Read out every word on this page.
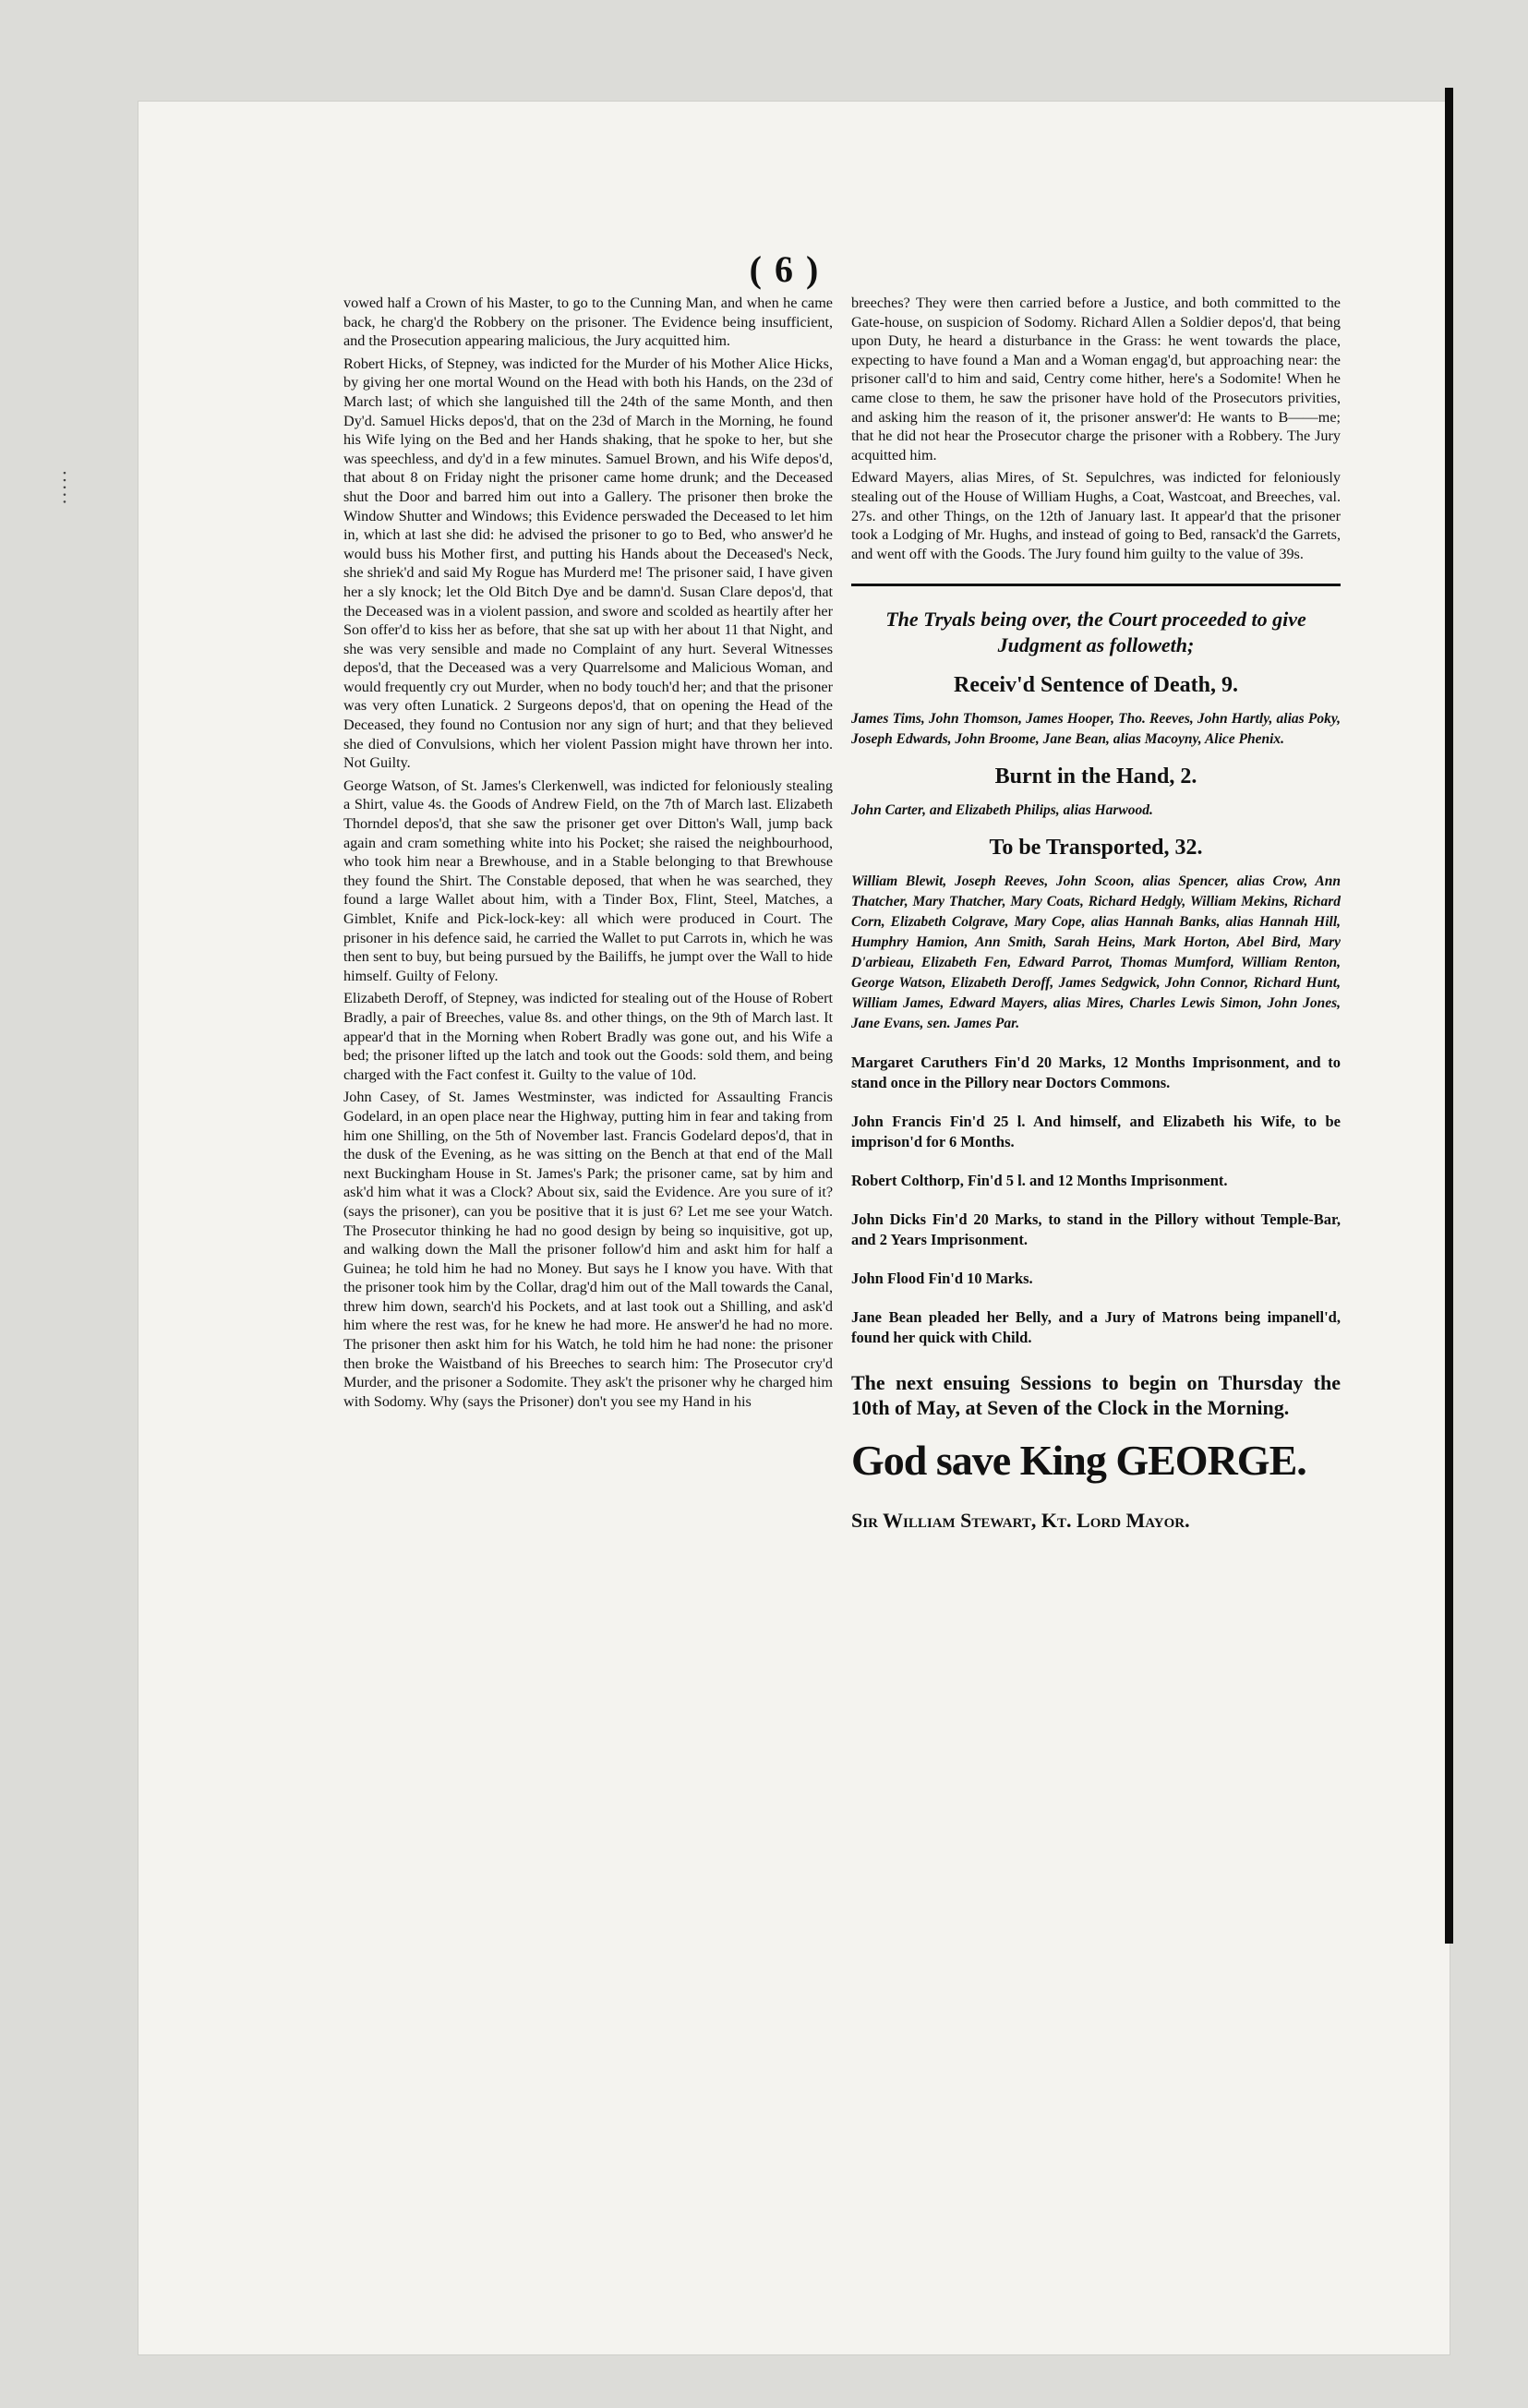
ꞏ ꞏ ꞏ ꞏ ꞏ
( 6 )

vowed half a Crown of his Master, to go to the Cunning Man, and when he came back, he charg'd the Robbery on the prisoner. The Evidence being insufficient, and the Prosecution appearing malicious, the Jury acquitted him.

Robert Hicks, of Stepney, was indicted for the Murder of his Mother Alice Hicks, by giving her one mortal Wound on the Head with both his Hands, on the 23d of March last; of which she languished till the 24th of the same Month, and then Dy'd. Samuel Hicks depos'd, that on the 23d of March in the Morning, he found his Wife lying on the Bed and her Hands shaking, that he spoke to her, but she was speechless, and dy'd in a few minutes. Samuel Brown, and his Wife depos'd, that about 8 on Friday night the prisoner came home drunk; and the Deceased shut the Door and barred him out into a Gallery. The prisoner then broke the Window Shutter and Windows; this Evidence perswaded the Deceased to let him in, which at last she did: he advised the prisoner to go to Bed, who answer'd he would buss his Mother first, and putting his Hands about the Deceased's Neck, she shriek'd and said My Rogue has Murderd me! The prisoner said, I have given her a sly knock; let the Old Bitch Dye and be damn'd. Susan Clare depos'd, that the Deceased was in a violent passion, and swore and scolded as heartily after her Son offer'd to kiss her as before, that she sat up with her about 11 that Night, and she was very sensible and made no Complaint of any hurt. Several Witnesses depos'd, that the Deceased was a very Quarrelsome and Malicious Woman, and would frequently cry out Murder, when no body touch'd her; and that the prisoner was very often Lunatick. 2 Surgeons depos'd, that on opening the Head of the Deceased, they found no Contusion nor any sign of hurt; and that they believed she died of Convulsions, which her violent Passion might have thrown her into. Not Guilty.

George Watson, of St. James's Clerkenwell, was indicted for feloniously stealing a Shirt, value 4s. the Goods of Andrew Field, on the 7th of March last. Elizabeth Thorndel depos'd, that she saw the prisoner get over Ditton's Wall, jump back again and cram something white into his Pocket; she raised the neighbourhood, who took him near a Brewhouse, and in a Stable belonging to that Brewhouse they found the Shirt. The Constable deposed, that when he was searched, they found a large Wallet about him, with a Tinder Box, Flint, Steel, Matches, a Gimblet, Knife and Pick-lock-key: all which were produced in Court. The prisoner in his defence said, he carried the Wallet to put Carrots in, which he was then sent to buy, but being pursued by the Bailiffs, he jumpt over the Wall to hide himself. Guilty of Felony.

Elizabeth Deroff, of Stepney, was indicted for stealing out of the House of Robert Bradly, a pair of Breeches, value 8s. and other things, on the 9th of March last. It appear'd that in the Morning when Robert Bradly was gone out, and his Wife a bed; the prisoner lifted up the latch and took out the Goods: sold them, and being charged with the Fact confest it. Guilty to the value of 10d.

John Casey, of St. James Westminster, was indicted for Assaulting Francis Godelard, in an open place near the Highway, putting him in fear and taking from him one Shilling, on the 5th of November last. Francis Godelard depos'd, that in the dusk of the Evening, as he was sitting on the Bench at that end of the Mall next Buckingham House in St. James's Park; the prisoner came, sat by him and ask'd him what it was a Clock? About six, said the Evidence. Are you sure of it? (says the prisoner), can you be positive that it is just 6? Let me see your Watch. The Prosecutor thinking he had no good design by being so inquisitive, got up, and walking down the Mall the prisoner follow'd him and askt him for half a Guinea; he told him he had no Money. But says he I know you have. With that the prisoner took him by the Collar, drag'd him out of the Mall towards the Canal, threw him down, search'd his Pockets, and at last took out a Shilling, and ask'd him where the rest was, for he knew he had more. He answer'd he had no more. The prisoner then askt him for his Watch, he told him he had none: the prisoner then broke the Waistband of his Breeches to search him: The Prosecutor cry'd Murder, and the prisoner a Sodomite. They ask't the prisoner why he charged him with Sodomy. Why (says the Prisoner) don't you see my Hand in his

breeches? They were then carried before a Justice, and both committed to the Gate-house, on suspicion of Sodomy. Richard Allen a Soldier depos'd, that being upon Duty, he heard a disturbance in the Grass: he went towards the place, expecting to have found a Man and a Woman engag'd, but approaching near: the prisoner call'd to him and said, Centry come hither, here's a Sodomite! When he came close to them, he saw the prisoner have hold of the Prosecutors privities, and asking him the reason of it, the prisoner answer'd: He wants to B——me; that he did not hear the Prosecutor charge the prisoner with a Robbery. The Jury acquitted him.

Edward Mayers, alias Mires, of St. Sepulchres, was indicted for feloniously stealing out of the House of William Hughs, a Coat, Wastcoat, and Breeches, val. 27s. and other Things, on the 12th of January last. It appear'd that the prisoner took a Lodging of Mr. Hughs, and instead of going to Bed, ransack'd the Garrets, and went off with the Goods. The Jury found him guilty to the value of 39s.

The Tryals being over, the Court proceeded to give Judgment as followeth;
Receiv'd Sentence of Death, 9.
James Tims, John Thomson, James Hooper, Tho. Reeves, John Hartly, alias Poky, Joseph Edwards, John Broome, Jane Bean, alias Macoyny, Alice Phenix.
Burnt in the Hand, 2.
John Carter, and Elizabeth Philips, alias Harwood.
To be Transported, 32.
William Blewit, Joseph Reeves, John Scoon, alias Spencer, alias Crow, Ann Thatcher, Mary Thatcher, Mary Coats, Richard Hedgly, William Mekins, Richard Corn, Elizabeth Colgrave, Mary Cope, alias Hannah Banks, alias Hannah Hill, Humphry Hamion, Ann Smith, Sarah Heins, Mark Horton, Abel Bird, Mary D'arbieau, Elizabeth Fen, Edward Parrot, Thomas Mumford, William Renton, George Watson, Elizabeth Deroff, James Sedgwick, John Connor, Richard Hunt, William James, Edward Mayers, alias Mires, Charles Lewis Simon, John Jones, Jane Evans, sen. James Par.
Margaret Caruthers Fin'd 20 Marks, 12 Months Imprisonment, and to stand once in the Pillory near Doctors Commons.
John Francis Fin'd 25 l. And himself, and Elizabeth his Wife, to be imprison'd for 6 Months.
Robert Colthorp, Fin'd 5 l. and 12 Months Imprisonment.
John Dicks Fin'd 20 Marks, to stand in the Pillory without Temple-Bar, and 2 Years Imprisonment.
John Flood Fin'd 10 Marks.
Jane Bean pleaded her Belly, and a Jury of Matrons being impanell'd, found her quick with Child.
The next ensuing Sessions to begin on Thursday the 10th of May, at Seven of the Clock in the Morning.
God save King GEORGE.
Sir William Stewart, Kt. Lord Mayor.
